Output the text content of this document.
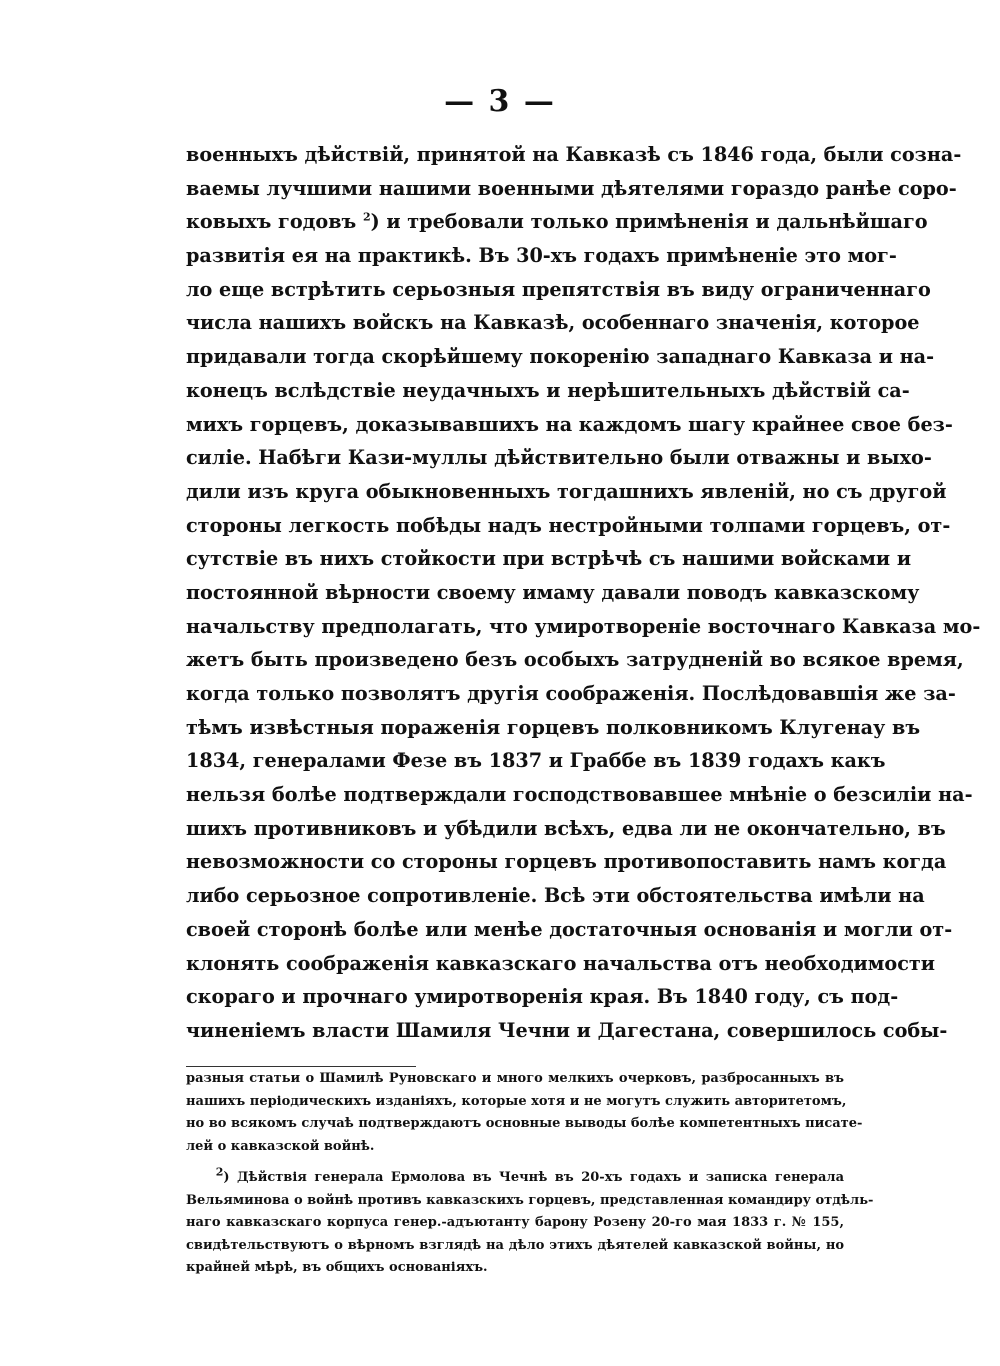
— 3 —
военныхъ дѣйствій, принятой на Кавказѣ съ 1846 года, были созна-
ваемы лучшими нашими военными дѣятелями гораздо ранѣе соро-
ковыхъ годовъ $^2$) и требовали только примѣненія и дальнѣйшаго
развитія ея на практикѣ. Въ 30-хъ годахъ примѣненіе это мог-
ло еще встрѣтить серьозныя препятствія въ виду ограниченнаго
числа нашихъ войскъ на Кавказѣ, особеннаго значенія, которое
придавали тогда скорѣйшему покоренію западнаго Кавказа и на-
конецъ вслѣдствіе неудачныхъ и нерѣшительныхъ дѣйствій са-
михъ горцевъ, доказывавшихъ на каждомъ шагу крайнее свое без-
силіе. Набѣги Кази-муллы дѣйствительно были отважны и выхо-
дили изъ круга обыкновенныхъ тогдашнихъ явленій, но съ другой
стороны легкость побѣды надъ нестройными толпами горцевъ, от-
сутствіе въ нихъ стойкости при встрѣчѣ съ нашими войсками и
постоянной вѣрности своему имаму давали поводъ кавказскому
начальству предполагать, что умиротвореніе восточнаго Кавказа мо-
жетъ быть произведено безъ особыхъ затрудненій во всякое время,
когда только позволятъ другія соображенія. Послѣдовавшія же за-
тѣмъ извѣстныя пораженія горцевъ полковникомъ Клугенау въ
1834, генералами Фезе въ 1837 и Граббе въ 1839 годахъ какъ
нельзя болѣе подтверждали господствовавшее мнѣніе о безсиліи на-
шихъ противниковъ и убѣдили всѣхъ, едва ли не окончательно, въ
невозможности со стороны горцевъ противопоставить намъ когда
либо серьозное сопротивленіе. Всѣ эти обстоятельства имѣли на
своей сторонѣ болѣе или менѣе достаточныя основанія и могли от-
клонять соображенія кавказскаго начальства отъ необходимости
скораго и прочнаго умиротворенія края. Въ 1840 году, съ под-
чиненіемъ власти Шамиля Чечни и Дагестана, совершилось собы-
разныя статьи о Шамилѣ Руновскаго и много мелкихъ очерковъ, разбросанныхъ въ
нашихъ періодическихъ изданіяхъ, которые хотя и не могутъ служить авторитетомъ,
но во всякомъ случаѣ подтверждаютъ основные выводы болѣе компетентныхъ писате-
лей о кавказской войнѣ.
$^2$) Дѣйствія генерала Ермолова въ Чечнѣ въ 20-хъ годахъ и записка генерала
Вельяминова о войнѣ противъ кавказскихъ горцевъ, представленная командиру отдѣль-
наго кавказскаго корпуса генер.-адъютанту барону Розену 20-го мая 1833 г. № 155,
свидѣтельствуютъ о вѣрномъ взглядѣ на дѣло этихъ дѣятелей кавказской войны, но
крайней мѣрѣ, въ общихъ основаніяхъ.
